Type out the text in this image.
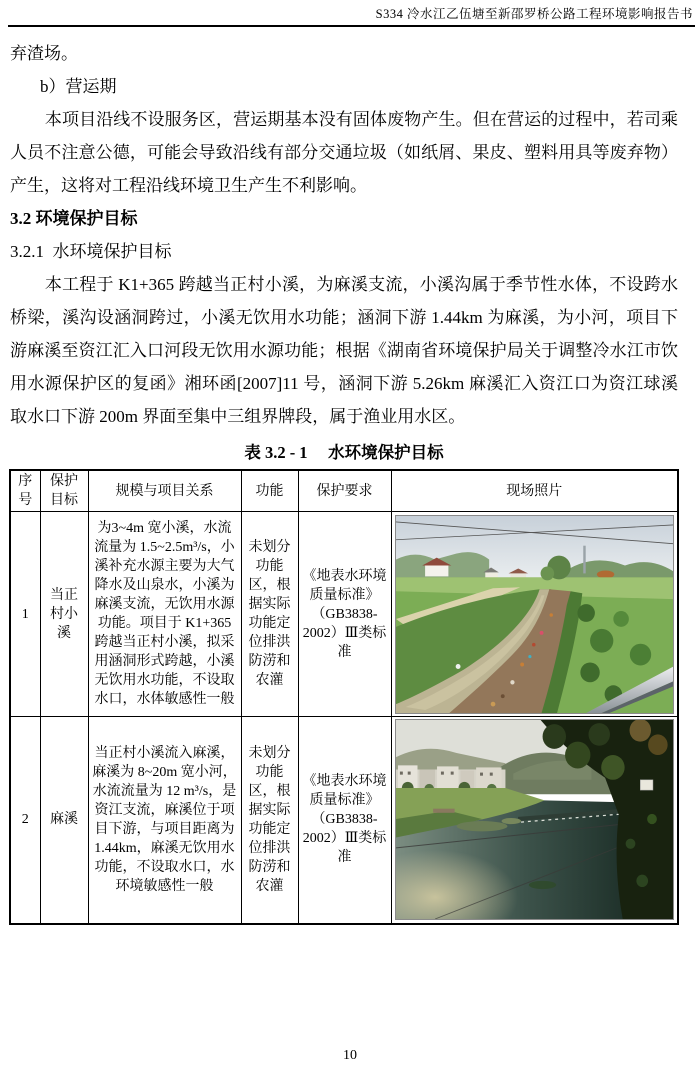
S334 冷水江乙伍塘至新邵罗桥公路工程环境影响报告书
弃渣场。
b）营运期

本项目沿线不设服务区，营运期基本没有固体废物产生。但在营运的过程中，若司乘人员不注意公德，可能会导致沿线有部分交通垃圾（如纸屑、果皮、塑料用具等废弃物）产生，这将对工程沿线环境卫生产生不利影响。

3.2 环境保护目标
3.2.1  水环境保护目标

本工程于 K1+365 跨越当正村小溪，为麻溪支流，小溪沟属于季节性水体，不设跨水桥梁，溪沟设涵洞跨过，小溪无饮用水功能；涵洞下游 1.44km 为麻溪，为小河，项目下游麻溪至资江汇入口河段无饮用水源功能；根据《湖南省环境保护局关于调整冷水江市饮用水源保护区的复函》湘环函[2007]11 号，涵洞下游 5.26km 麻溪汇入资江口为资江球溪取水口下游 200m 界面至集中三组界牌段，属于渔业用水区。

表 3.2 - 1　 水环境保护目标
序号	保护目标	规模与项目关系	功能	保护要求	现场照片
1	当正村小溪	为3~4m 宽小溪，水流流量为 1.5~2.5m³/s，小溪补充水源主要为大气降水及山泉水，小溪为麻溪支流，无饮用水源功能。项目于 K1+365 跨越当正村小溪，拟采用涵洞形式跨越，小溪无饮用水功能，不设取水口，水体敏感性一般	未划分功能区，根据实际功能定位排洪防涝和农灌	《地表水环境质量标准》（GB3838-2002）Ⅲ类标准	

2	麻溪	当正村小溪流入麻溪，麻溪为 8~20m 宽小河，水流流量为 12 m³/s，是资江支流，麻溪位于项目下游，与项目距离为 1.44km，麻溪无饮用水功能，不设取水口，水环境敏感性一般	未划分功能区，根据实际功能定位排洪防涝和农灌	《地表水环境质量标准》（GB3838-2002）Ⅲ类标准	
10
